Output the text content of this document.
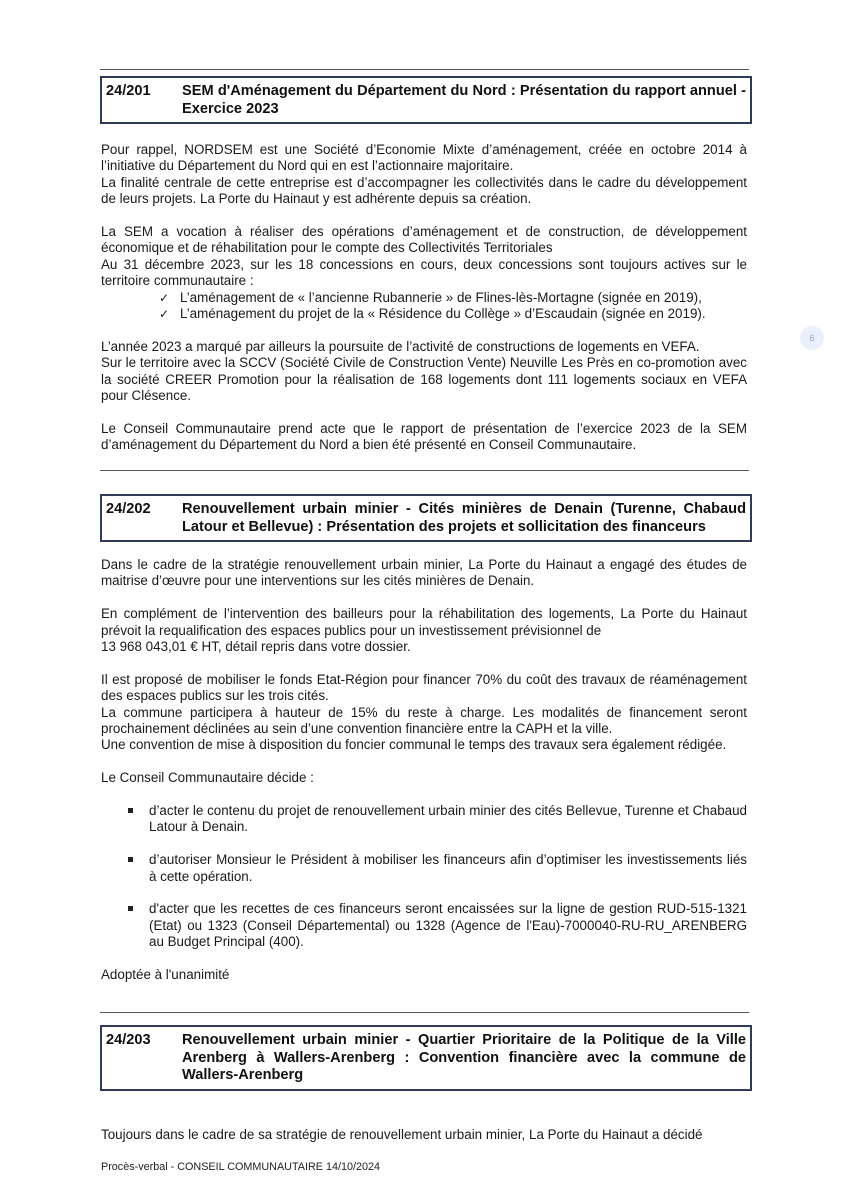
24/201	SEM d'Aménagement du Département du Nord : Présentation du rapport annuel - Exercice 2023

Pour rappel, NORDSEM est une Société d’Economie Mixte d’aménagement, créée en octobre 2014 à l’initiative du Département du Nord qui en est l’actionnaire majoritaire.

La finalité centrale de cette entreprise est d’accompagner les collectivités dans le cadre du développement de leurs projets. La Porte du Hainaut y est adhérente depuis sa création.

La SEM a vocation à réaliser des opérations d’aménagement et de construction, de développement économique et de réhabilitation pour le compte des Collectivités Territoriales

Au 31 décembre 2023, sur les 18 concessions en cours, deux concessions sont toujours actives sur le territoire communautaire :

✓ L’aménagement de « l’ancienne Rubannerie » de Flines-lès-Mortagne (signée en 2019),
✓ L’aménagement du projet de la « Résidence du Collège » d’Escaudain (signée en 2019).

L’année 2023 a marqué par ailleurs la poursuite de l’activité de constructions de logements en VEFA.

Sur le territoire avec la SCCV (Société Civile de Construction Vente) Neuville Les Près en co-promotion avec la société CREER Promotion pour la réalisation de 168 logements dont 111 logements sociaux en VEFA pour Clésence.

Le Conseil Communautaire prend acte que le rapport de présentation de l’exercice 2023 de la SEM d’aménagement du Département du Nord a bien été présenté en Conseil Communautaire.

6
24/202	Renouvellement urbain minier - Cités minières de Denain (Turenne, Chabaud Latour et Bellevue) : Présentation des projets et sollicitation des financeurs

Dans le cadre de la stratégie renouvellement urbain minier, La Porte du Hainaut a engagé des études de maitrise d’œuvre pour une interventions sur les cités minières de Denain.

En complément de l’intervention des bailleurs pour la réhabilitation des logements, La Porte du Hainaut prévoit la requalification des espaces publics pour un investissement prévisionnel de

13 968 043,01 € HT, détail repris dans votre dossier.

Il est proposé de mobiliser le fonds Etat-Région pour financer 70% du coût des travaux de réaménagement des espaces publics sur les trois cités.

La commune participera à hauteur de 15% du reste à charge. Les modalités de financement seront prochainement déclinées au sein d’une convention financière entre la CAPH et la ville.

Une convention de mise à disposition du foncier communal le temps des travaux sera également rédigée.

Le Conseil Communautaire décide :

d’acter le contenu du projet de renouvellement urbain minier des cités Bellevue, Turenne et Chabaud Latour à Denain.
d’autoriser Monsieur le Président à mobiliser les financeurs afin d’optimiser les investissements liés à cette opération.
d'acter que les recettes de ces financeurs seront encaissées sur la ligne de gestion RUD-515-1321 (Etat) ou 1323 (Conseil Départemental) ou 1328 (Agence de l'Eau)-7000040-RU-RU_ARENBERG au Budget Principal (400).

Adoptée à l'unanimité

24/203	Renouvellement urbain minier - Quartier Prioritaire de la Politique de la Ville Arenberg à Wallers-Arenberg : Convention financière avec la commune de Wallers-Arenberg

Toujours dans le cadre de sa stratégie de renouvellement urbain minier, La Porte du Hainaut a décidé

Procès-verbal - CONSEIL COMMUNAUTAIRE 14/10/2024
